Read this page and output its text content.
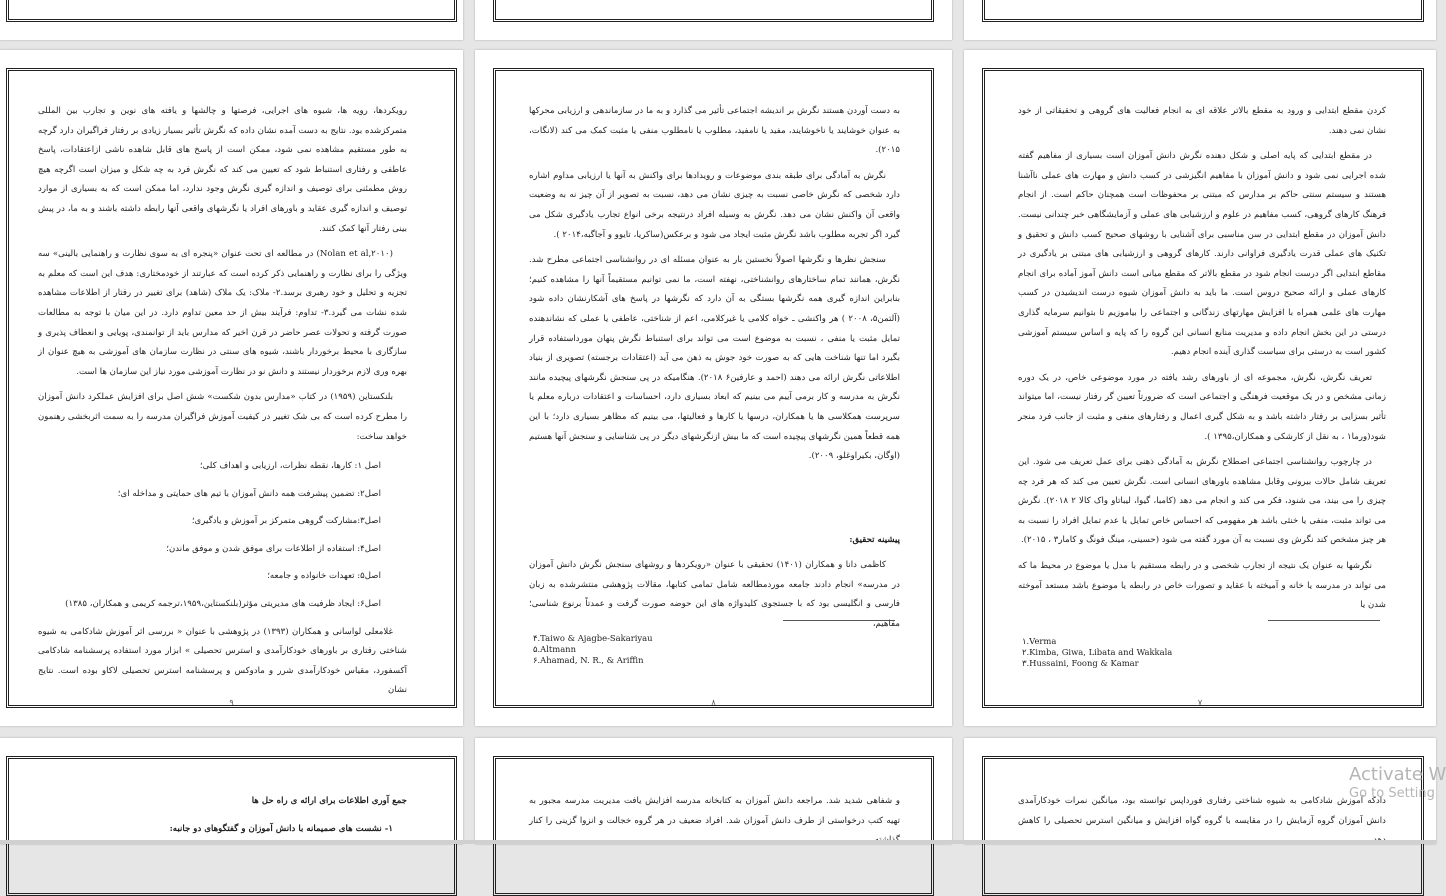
رویکردها، رویه ها، شیوه های اجرایی، فرصتها و چالشها و یافته های نوین و تجارب بین المللی متمرکزشده بود. نتایج به دست آمده نشان داده که نگرش تأثیر بسیار زیادی بر رفتار فراگیران دارد گرچه به طور مستقیم مشاهده نمی شود، ممکن است از پاسخ های قابل شاهده ناشی ازاعتقادات، پاسخ عاطفی و رفتاری استنباط شود که تعیین می کند که نگرش فرد به چه شکل و میزان است اگرچه هیچ روش مطمئنی برای توصیف و اندازه گیری نگرش وجود ندارد، اما ممکن است که به بسیاری از موارد توصیف و اندازه گیری عقاید و باورهای افراد یا نگرشهای واقعی آنها رابطه داشته باشند و به ما، در پیش بینی رفتار آنها کمک کنند.

(Nolan et al,۲۰۱۰) در مطالعه ای تحت عنوان «پنجره ای به سوی نظارت و راهنمایی بالینی» سه ویژگی را برای نظارت و راهنمایی ذکر کرده است که عبارتند از خودمختاری: هدف این است که معلم به تجزیه و تحلیل و خود رهبری برسد.۲- ملاک: یک ملاک (شاهد) برای تغییر در رفتار از اطلاعات مشاهده شده نشات می گیرد.۳- تداوم: فرآیند بیش از حد معین تداوم دارد. در این میان با توجه به مطالعات صورت گرفته و تحولات عصر حاضر در قرن اخیر که مدارس باید از توانمندی، پویایی و انعطاف پذیری و سازگاری با محیط برخوردار باشند، شیوه های سنتی در نظارت سازمان های آموزشی به هیچ عنوان از بهره وری لازم برخوردار نیستند و دانش نو در نظارت آموزشی مورد نیاز این سازمان ها است.

بلنکستاین (۱۹۵۹) در کتاب «مدارس بدون شکست» شش اصل برای افزایش عملکرد دانش آموزان را مطرح کرده است که بی شک تغییر در کیفیت آموزش فراگیران مدرسه را به سمت اثربخشی رهنمون خواهد ساخت:

اصل ۱: کارها، نقطه نظرات، ارزیابی و اهداف کلی؛
اصل۲: تضمین پیشرفت همه دانش آموزان با تیم های حمایتی و مداخله ای؛
اصل۳:مشارکت گروهی متمرکز بر آموزش و یادگیری؛
اصل۴: استفاده از اطلاعات برای موفق شدن و موفق ماندن؛
اصل۵: تعهدات خانواده و جامعه؛
اصل۶: ایجاد ظرفیت های مدیریتی مؤثر(بلنکستاین،۱۹۵۹،ترجمه کریمی و همکاران، ۱۳۸۵)

غلامعلی لواسانی و همکاران (۱۳۹۳) در پژوهشی با عنوان « بررسی اثر آموزش شادکامی به شیوه شناختی رفتاری بر باورهای خودکارآمدی و استرس تحصیلی » ابزار مورد استفاده پرسشنامه شادکامی آکسفورد، مقیاس خودکارآمدی شرر و مادوکس و پرسشنامه استرس تحصیلی لاکاو بوده است. نتایج نشان

۹

به دست آوردن هستند نگرش بر اندیشه اجتماعی تأثیر می گذارد و به ما در سازماندهی و ارزیابی محرکها به عنوان خوشایند یا ناخوشایند، مفید یا نامفید، مطلوب یا نامطلوب منفی یا مثبت کمک می کند (لانگات، ۲۰۱۵).

نگرش به آمادگی برای طبقه بندی موضوعات و رویدادها برای واکنش به آنها یا ارزیابی مداوم اشاره دارد شخصی که نگرش خاصی نسبت به چیزی نشان می دهد، نسبت به تصویر از آن چیز نه به وضعیت واقعی آن واکنش نشان می دهد. نگرش به وسیله افراد درنتیجه برخی انواع تجارب یادگیری شکل می گیرد اگر تجربه مطلوب باشد نگرش مثبت ایجاد می شود و برعکس(ساکریا، تایوو و آجاگبه،۲۰۱۴ ).

سنجش نظرها و نگرشها اصولاً نخستین بار به عنوان مسئله ای در روانشناسی اجتماعی مطرح شد. نگرش، همانند تمام ساختارهای روانشناختی، نهفته است، ما نمی توانیم مستقیماً آنها را مشاهده کنیم؛ بنابراین اندازه گیری همه نگرشها بستگی به آن دارد که نگرشها در پاسخ های آشکارنشان داده شود (آلتمن۵، ۲۰۰۸ ) هر واکنشی ـ خواه کلامی یا غیرکلامی، اعم از شناختی، عاطفی یا عملی که نشاندهنده تمایل مثبت یا منفی ، نسبت به موضوع است می تواند برای استنباط نگرش پنهان مورداستفاده قرار بگیرد اما تنها شناخت هایی که به صورت خود جوش به ذهن می آید (اعتقادات برجسته) تصویری از بنیاد اطلاعاتی نگرش ارائه می دهند (احمد و عارفین۶ ۲۰۱۸). هنگامیکه در پی سنجش نگرشهای پیچیده مانند نگرش به مدرسه و کار برمی آییم می بینیم که ابعاد بسیاری دارد، احساسات و اعتقادات درباره معلم یا سرپرست همکلاسی ها یا همکاران، درسها یا کارها و فعالیتها، می بینیم که مظاهر بسیاری دارد؛ با این همه قطعاً همین نگرشهای پیچیده است که ما بیش ازنگرشهای دیگر در پی شناسایی و سنجش آنها هستیم (اوگان، بکیراوغلو، ۲۰۰۹).

پیشینه تحقیق:

کاظمی دانا و همکاران (۱۴۰۱) تحقیقی با عنوان «رویکردها و روشهای سنجش نگرش دانش آموزان در مدرسه» انجام دادند جامعه موردمطالعه شامل تمامی کتابها، مقالات پژوهشی منتشرشده به زبان فارسی و انگلیسی بود که با جستجوی کلیدواژه های این حوضه صورت گرفت و عمدتاً برنوع شناسی؛ مفاهیم،

۴.Taiwo & Ajagbe-Sakariyau
۵.Altmann
۶.Ahamad, N. R., & Ariffin
۸

کردن مقطع ابتدایی و ورود به مقطع بالاتر علاقه ای به انجام فعالیت های گروهی و تحقیقاتی از خود نشان نمی دهند.

در مقطع ابتدایی که پایه اصلی و شکل دهنده نگرش دانش آموزان است بسیاری از مفاهیم گفته شده اجرایی نمی شود و دانش آموزان با مفاهیم انگیزشی در کسب دانش و مهارت های عملی ناآشنا هستند و سیستم سنتی حاکم بر مدارس که مبتنی بر محفوظات است همچنان حاکم است. از انجام فرهنگ کارهای گروهی، کسب مفاهیم در علوم و ارزشیابی های عملی و آزمایشگاهی خبر چندانی نیست. دانش آموزان در مقطع ابتدایی در سن مناسبی برای آشنایی با روشهای صحیح کسب دانش و تحقیق و تکنیک های عملی قدرت یادگیری فراوانی دارند. کارهای گروهی و ارزشیابی های مبتنی بر یادگیری در مقاطع ابتدایی اگر درست انجام شود در مقطع بالاتر که مقطع میانی است دانش آموز آماده برای انجام کارهای عملی و ارائه صحیح دروس است. ما باید به دانش آموزان شیوه درست اندیشیدن در کسب مهارت های علمی همراه با افزایش مهارتهای زندگانی و اجتماعی را بیاموزیم تا بتوانیم سرمایه گذاری درستی در این بخش انجام داده و مدیریت منابع انسانی این گروه را که پایه و اساس سیستم آموزشی کشور است به درستی برای سیاست گذاری آینده انجام دهیم.

تعریف نگرش، نگرش، مجموعه ای از باورهای رشد یافته در مورد موضوعی خاص، در یک دوره زمانی مشخص و در یک موقعیت فرهنگی و اجتماعی است که ضرورتاً تعیین گر رفتار نیست، اما میتواند تأثیر بسزایی بر رفتار داشته باشد و به شکل گیری اعمال و رفتارهای منفی و مثبت از جانب فرد منجر شود(ورما۱ ، به نقل از کارشکی و همکاران،۱۳۹۵ ).

در چارچوب روانشناسی اجتماعی اصطلاح نگرش به آمادگی ذهنی برای عمل تعریف می شود. این تعریف شامل حالات بیرونی وقابل مشاهده باورهای انسانی است. نگرش تعیین می کند که هر فرد چه چیزی را می بیند، می شنود، فکر می کند و انجام می دهد (کامبا، گیوا، لیباتاو واک کالا ۲ ۲۰۱۸). نگرش می تواند مثبت، منفی یا خنثی باشد هر مفهومی که احساس خاص تمایل یا عدم تمایل افراد را نسبت به هر چیز مشخص کند نگرش وی نسبت به آن مورد گفته می شود (حسینی، مینگ فونگ و کامار۳ ، ۲۰۱۵).

نگرشها به عنوان یک نتیجه از تجارب شخصی و در رابطه مستقیم با مدل یا موضوع در محیط ما که می تواند در مدرسه یا خانه و آمیخته با عقاید و تصورات خاص در رابطه یا موضوع باشد مستعد آموخته شدن یا

۱.Verma
۲.Kimba, Giwa, Libata and Wakkala
۳.Hussaini, Foong & Kamar
۷
جمع آوری اطلاعات برای ارائه ی راه حل ها
۱- نشست های صمیمانه با دانش آموزان و گفتگوهای دو جانبه:

و شفاهی شدید شد. مراجعه دانش آموزان به کتابخانه مدرسه افزایش یافت مدیریت مدرسه مجبور به تهیه کتب درخواستی از طرف دانش آموزان شد. افراد ضعیف در هر گروه خجالت و انزوا گزینی را کنار

دادکه آموزش شادکامی به شیوه شناختی رفتاری فورداپس توانسته بود، میانگین نمرات خودکارآمدی دانش آموزان گروه آزمایش را در مقایسه با گروه گواه افزایش و میانگین استرس تحصیلی را کاهش

Activate W
Go to Setting
